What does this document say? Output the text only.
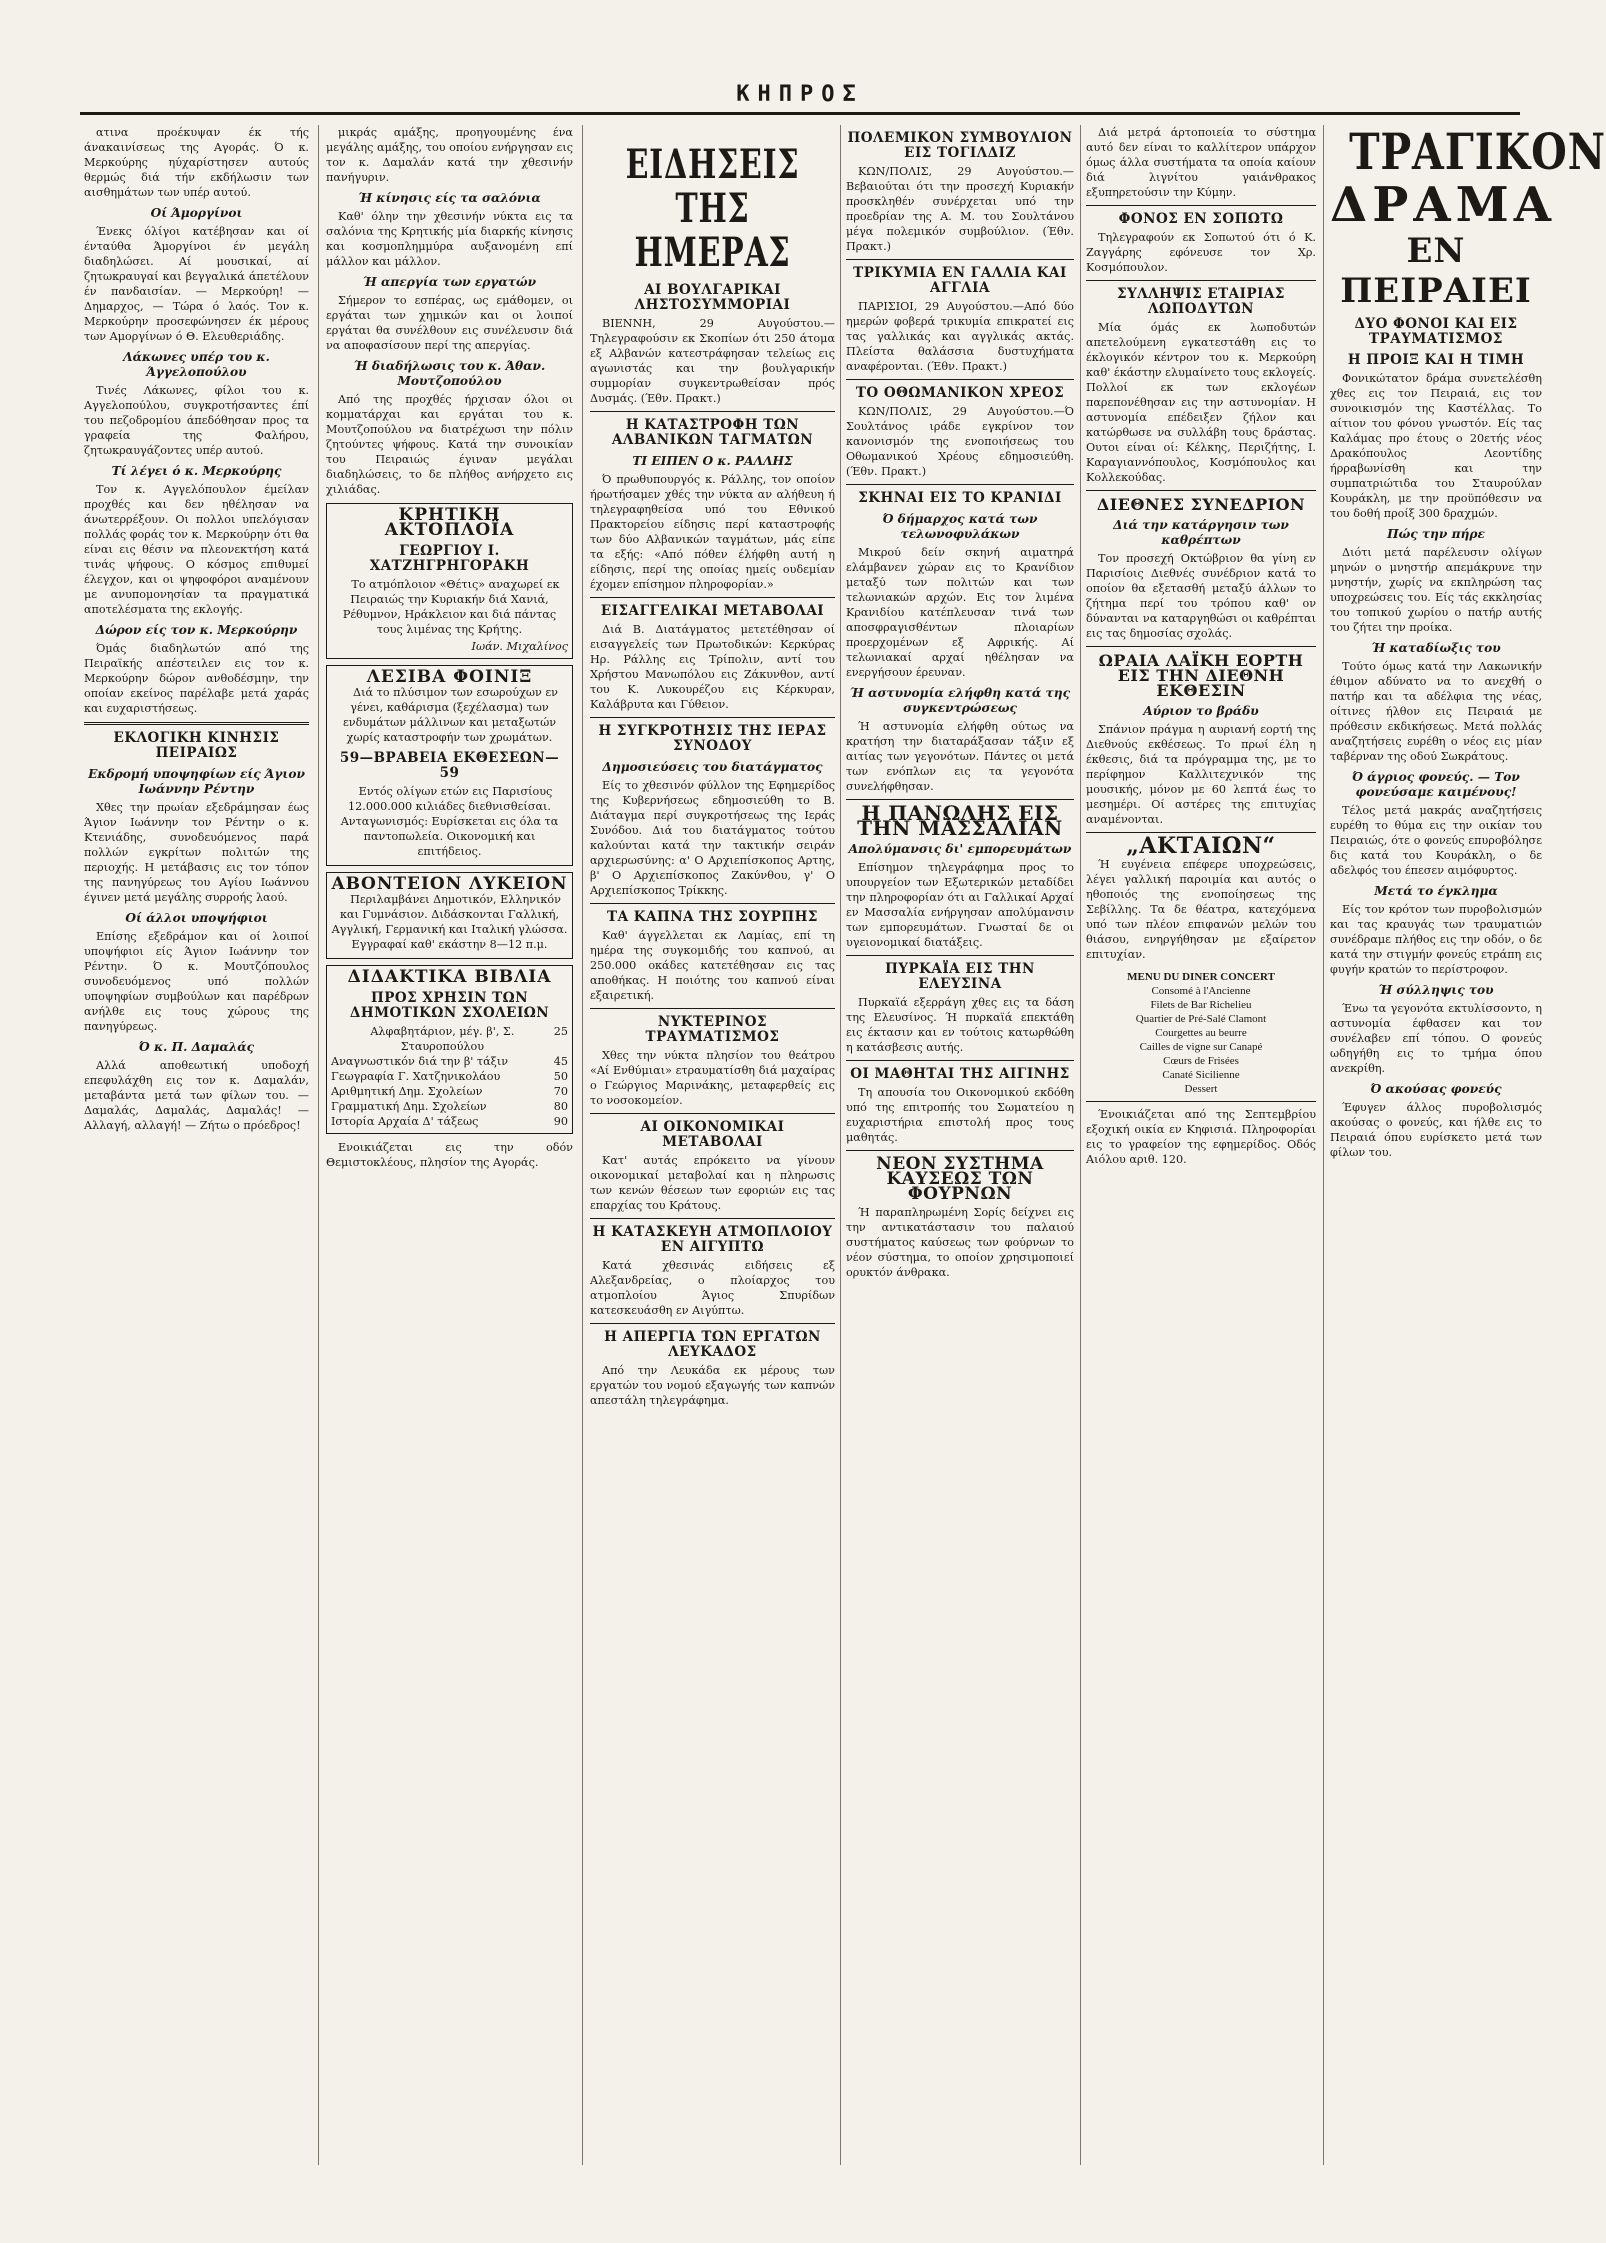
ΚΗΠΡΟΣ

ατινα προέκυψαν έκ τής άνακαινίσεως της Αγοράς. Ό κ. Μερκούρης ηύχαρίστησεν αυτούς θερμώς διά τήν εκδήλωσιν των αισθημάτων των υπέρ αυτού.

Οί Άμοργίνοι

Ένεκς όλίγοι κατέβησαν και οί ένταύθα Άμοργίνοι έν μεγάλη διαδηλώσει. Αί μουσικαί, αί ζητωκραυγαί και βεγγαλικά άπετέλουν έν πανδαισίαν. — Μερκούρη! — Δημαρχος, — Τώρα ό λαός. Τον κ. Μερκούρην προσεφώνησεν έκ μέρους των Αμοργίνων ό Θ. Ελευθεριάδης.

Λάκωνες υπέρ του κ. Άγγελοπούλου

Τινές Λάκωνες, φίλοι του κ. Αγγελοπούλου, συγκροτήσαντες έπί του πεζοδρομίου άπεδόθησαν προς τα γραφεία της Φαλήρου, ζητωκραυγάζοντες υπέρ αυτού.

Τί λέγει ό κ. Μερκούρης

Τον κ. Αγγελόπουλον έμείλαν προχθές και δεν ηθέλησαν να άνωτερρέξουν. Οι πολλοι υπελόγισαν πολλάς φοράς τον κ. Μερκούρην ότι θα είναι εις θέσιν να πλεονεκτήση κατά τινάς ψήφους. Ο κόσμος επιθυμεί έλεγχον, και οι ψηφοφόροι αναμένουν με ανυπομονησίαν τα πραγματικά αποτελέσματα της εκλογής.

Δώρον είς τον κ. Μερκούρην

Όμάς διαδηλωτών από της Πειραϊκής απέστειλεν εις τον κ. Μερκούρην δώρον ανθοδέσμην, την οποίαν εκείνος παρέλαβε μετά χαράς και ευχαριστήσεως.

ΕΚΛΟΓΙΚΗ ΚΙΝΗΣΙΣ ΠΕΙΡΑΙΩΣ
Εκδρομή υποψηφίων είς Άγιον Ιωάννην Ρέντην

Χθες την πρωίαν εξεδράμησαν έως Άγιον Ιωάννην τον Ρέντην ο κ. Κτενιάδης, συνοδευόμενος παρά πολλών εγκρίτων πολιτών της περιοχής. Η μετάβασις εις τον τόπον της πανηγύρεως του Αγίου Ιωάννου έγινεν μετά μεγάλης συρροής λαού.

Οί άλλοι υποψήφιοι

Επίσης εξεδράμον και οί λοιποί υποψήφιοι είς Άγιον Ιωάννην τον Ρέντην. Ό κ. Μουτζόπουλος συνοδευόμενος υπό πολλών υποψηφίων συμβούλων και παρέδρων ανήλθε εις τους χώρους της πανηγύρεως.

Ό κ. Π. Δαμαλάς

Αλλά αποθεωτική υποδοχή επεφυλάχθη εις τον κ. Δαμαλάν, μεταβάντα μετά των φίλων του. — Δαμαλάς, Δαμαλάς, Δαμαλάς! — Αλλαγή, αλλαγή! — Ζήτω ο πρόεδρος!

μικράς αμάξης, προηγουμένης ένα μεγάλης αμάξης, του οποίου ενήργησαν εις τον κ. Δαμαλάν κατά την χθεσινήν πανήγυριν.

Ή κίνησις είς τα σαλόνια

Καθ' όλην την χθεσινήν νύκτα εις τα σαλόνια της Κρητικής μία διαρκής κίνησις και κοσμοπλημμύρα αυξανομένη επί μάλλον και μάλλον.

Ή απεργία των εργατών

Σήμερον το εσπέρας, ως εμάθομεν, οι εργάται των χημικών και οι λοιποί εργάται θα συνέλθουν εις συνέλευσιν διά να αποφασίσουν περί της απεργίας.

Ή διαδήλωσις του κ. Άθαν. Μουτζοπούλου

Από της προχθές ήρχισαν όλοι οι κομματάρχαι και εργάται του κ. Μουτζοπούλου να διατρέχωσι την πόλιν ζητούντες ψήφους. Κατά την συνοικίαν του Πειραιώς έγιναν μεγάλαι διαδηλώσεις, το δε πλήθος ανήρχετο εις χιλιάδας.

ΚΡΗΤΙΚΗ ΑΚΤΟΠΛΟΪΑ
ΓΕΩΡΓΙΟΥ Ι. ΧΑΤΖΗΓΡΗΓΟΡΑΚΗ

Το ατμόπλοιον «Θέτις» αναχωρεί εκ Πειραιώς την Κυριακήν διά Χανιά, Ρέθυμνον, Ηράκλειον και διά πάντας τους λιμένας της Κρήτης.

Ιωάν. Μιχαλίνος
ΛΕΣΙΒΑ ΦΟΙΝΙΞ

Διά το πλύσιμον των εσωρούχων εν γένει, καθάρισμα (ξεχέλασμα) των ενδυμάτων μάλλινων και μεταξωτών χωρίς καταστροφήν των χρωμάτων.

59—ΒΡΑΒΕΙΑ ΕΚΘΕΣΕΩΝ—59

Εντός ολίγων ετών εις Παρισίους 12.000.000 κιλιάδες διεθνισθείσαι. Ανταγωνισμός: Ευρίσκεται εις όλα τα παντοπωλεία. Οικονομική και επιτήδειος.

ΑΒΟΝΤΕΙΟΝ ΛΥΚΕΙΟΝ

Περιλαμβάνει Δημοτικόν, Ελληνικόν και Γυμνάσιον. Διδάσκονται Γαλλική, Αγγλική, Γερμανική και Ιταλική γλώσσα. Εγγραφαί καθ' εκάστην 8—12 π.μ.

ΔΙΔΑΚΤΙΚΑ ΒΙΒΛΙΑ
ΠΡΟΣ ΧΡΗΣΙΝ ΤΩΝ ΔΗΜΟΤΙΚΩΝ ΣΧΟΛΕΙΩΝ
Αλφαβητάριον, μέγ. β', Σ. Σταυροπούλου
25
Αναγνωστικόν διά την β' τάξιν	45
Γεωγραφία Γ. Χατζηνικολάου	50
Αριθμητική Δημ. Σχολείων	70
Γραμματική Δημ. Σχολείων	80
Ιστορία Αρχαία Δ' τάξεως	90

Ενοικιάζεται εις την οδόν Θεμιστοκλέους, πλησίον της Αγοράς.

ΕΙΔΗΣΕΙΣ ΤΗΣ ΗΜΕΡΑΣ
ΑΙ ΒΟΥΛΓΑΡΙΚΑΙ ΛΗΣΤΟΣΥΜΜΟΡΙΑΙ

ΒΙΕΝΝΗ, 29 Αυγούστου.—Τηλεγραφούσιν εκ Σκοπίων ότι 250 άτομα εξ Αλβανών κατεστράφησαν τελείως εις αγωνιστάς και την βουλγαρικήν συμμορίαν συγκεντρωθείσαν πρός Δυσμάς. (Έθν. Πρακτ.)

Η ΚΑΤΑΣΤΡΟΦΗ ΤΩΝ ΑΛΒΑΝΙΚΩΝ ΤΑΓΜΑΤΩΝ
ΤΙ ΕΙΠΕΝ Ο κ. ΡΑΛΛΗΣ

Ό πρωθυπουργός κ. Ράλλης, τον οποίον ήρωτήσαμεν χθές την νύκτα αν αλήθευη ή τηλεγραφηθείσα υπό του Εθνικού Πρακτορείου είδησις περί καταστροφής των δύο Αλβανικών ταγμάτων, μάς είπε τα εξής: «Από πόθεν έλήφθη αυτή η είδησις, περί της οποίας ημείς ουδεμίαν έχομεν επίσημον πληροφορίαν.»

ΕΙΣΑΓΓΕΛΙΚΑΙ ΜΕΤΑΒΟΛΑΙ

Διά Β. Διατάγματος μετετέθησαν οί εισαγγελείς των Πρωτοδικών: Κερκύρας Ηρ. Ράλλης εις Τρίπολιν, αντί του Χρήστου Μανωπόλου εις Ζάκυνθον, αντί του Κ. Λυκουρέζου εις Κέρκυραν, Καλάβρυτα και Γύθειον.

Η ΣΥΓΚΡΟΤΗΣΙΣ ΤΗΣ ΙΕΡΑΣ ΣΥΝΟΔΟΥ
Δημοσιεύσεις του διατάγματος

Είς το χθεσινόν φύλλον της Εφημερίδος της Κυβερνήσεως εδημοσιεύθη το Β. Διάταγμα περί συγκροτήσεως της Ιεράς Συνόδου. Διά του διατάγματος τούτου καλούνται κατά την τακτικήν σειράν αρχιερωσύνης: α' Ο Αρχιεπίσκοπος Αρτης, β' Ο Αρχιεπίσκοπος Ζακύνθου, γ' Ο Αρχιεπίσκοπος Τρίκκης.

ΤΑ ΚΑΠΝΑ ΤΗΣ ΣΟΥΡΠΗΣ

Καθ' άγγελλεται εκ Λαμίας, επί τη ημέρα της συγκομιδής του καπνού, αι 250.000 οκάδες κατετέθησαν εις τας αποθήκας. Η ποιότης του καπνού είναι εξαιρετική.

ΝΥΚΤΕΡΙΝΟΣ ΤΡΑΥΜΑΤΙΣΜΟΣ

Χθες την νύκτα πλησίον του θεάτρου «Αί Ενθύμιαι» ετραυματίσθη διά μαχαίρας ο Γεώργιος Μαρινάκης, μεταφερθείς εις το νοσοκομείον.

ΑΙ ΟΙΚΟΝΟΜΙΚΑΙ ΜΕΤΑΒΟΛΑΙ

Κατ' αυτάς επρόκειτο να γίνουν οικονομικαί μεταβολαί και η πληρωσις των κενών θέσεων των εφοριών εις τας επαρχίας του Κράτους.

Η ΚΑΤΑΣΚΕΥΗ ΑΤΜΟΠΛΟΙΟΥ ΕΝ ΑΙΓΥΠΤΩ

Κατά χθεσινάς ειδήσεις εξ Αλεξανδρείας, ο πλοίαρχος του ατμοπλοίου Άγιος Σπυρίδων κατεσκευάσθη εν Αιγύπτω.

Η ΑΠΕΡΓΙΑ ΤΩΝ ΕΡΓΑΤΩΝ ΛΕΥΚΑΔΟΣ

Από την Λευκάδα εκ μέρους των εργατών του νομού εξαγωγής των καπνών απεστάλη τηλεγράφημα.

ΠΟΛΕΜΙΚΟΝ ΣΥΜΒΟΥΛΙΟΝ ΕΙΣ ΤΟΓΙΛΔΙΖ

ΚΩΝ/ΠΟΛΙΣ, 29 Αυγούστου.—Βεβαιούται ότι την προσεχή Κυριακήν προσκληθέν συνέρχεται υπό την προεδρίαν της Α. Μ. του Σουλτάνου μέγα πολεμικόν συμβούλιον. (Έθν. Πρακτ.)

ΤΡΙΚΥΜΙΑ ΕΝ ΓΑΛΛΙΑ ΚΑΙ ΑΓΓΛΙΑ

ΠΑΡΙΣΙΟΙ, 29 Αυγούστου.—Από δύο ημερών φοβερά τρικυμία επικρατεί εις τας γαλλικάς και αγγλικάς ακτάς. Πλείστα θαλάσσια δυστυχήματα αναφέρονται. (Έθν. Πρακτ.)

ΤΟ ΟΘΩΜΑΝΙΚΟΝ ΧΡΕΟΣ

ΚΩΝ/ΠΟΛΙΣ, 29 Αυγούστου.—Ό Σουλτάνος ιράδε εγκρίνον τον κανονισμόν της ενοποιήσεως του Οθωμανικού Χρέους εδημοσιεύθη. (Έθν. Πρακτ.)

ΣΚΗΝΑΙ ΕΙΣ ΤΟ ΚΡΑΝΙΔΙ
Ό δήμαρχος κατά των τελωνοφυλάκων

Μικρού δείν σκηνή αιματηρά ελάμβανεν χώραν εις το Κρανίδιον μεταξύ των πολιτών και των τελωνιακών αρχών. Εις τον λιμένα Κρανιδίου κατέπλευσαν τινά των αποσφραγισθέντων πλοιαρίων προερχομένων εξ Αφρικής. Αί τελωνιακαί αρχαί ηθέλησαν να ενεργήσουν έρευναν.

Ή αστυνομία ελήφθη κατά της συγκεντρώσεως

Ή αστυνομία ελήφθη ούτως να κρατήση την διαταράξασαν τάξιν εξ αιτίας των γεγονότων. Πάντες οι μετά των ενόπλων εις τα γεγονότα συνελήφθησαν.

Η ΠΑΝΩΛΗΣ ΕΙΣ ΤΗΝ ΜΑΣΣΑΛΙΑΝ
Απολύμανσις δι' εμπορευμάτων

Επίσημον τηλεγράφημα προς το υπουργείον των Εξωτερικών μεταδίδει την πληροφορίαν ότι αι Γαλλικαί Αρχαί εν Μασσαλία ενήργησαν απολύμανσιν των εμπορευμάτων. Γνωσταί δε οι υγειονομικαί διατάξεις.

ΠΥΡΚΑΪΑ ΕΙΣ ΤΗΝ ΕΛΕΥΣΙΝΑ

Πυρκαϊά εξερράγη χθες εις τα δάση της Ελευσίνος. Ή πυρκαϊά επεκτάθη εις έκτασιν και εν τούτοις κατωρθώθη η κατάσβεσις αυτής.

ΟΙ ΜΑΘΗΤΑΙ ΤΗΣ ΑΙΓΙΝΗΣ

Τη απουσία του Οικονομικού εκδόθη υπό της επιτροπής του Σωματείου η ευχαριστήρια επιστολή προς τους μαθητάς.

ΝΕΟΝ ΣΥΣΤΗΜΑ ΚΑΥΣΕΩΣ ΤΩΝ ΦΟΥΡΝΩΝ

Ή παραπληρωμένη Σορίς δείχνει εις την αντικατάστασιν του παλαιού συστήματος καύσεως των φούρνων το νέον σύστημα, το οποίον χρησιμοποιεί ορυκτόν άνθρακα.

Διά μετρά άρτοποιεία το σύστημα αυτό δεν είναι το καλλίτερον υπάρχον όμως άλλα συστήματα τα οποία καίουν διά λιγνίτου γαιάνθρακος εξυπηρετούσιν την Κύμην.

ΦΟΝΟΣ ΕΝ ΣΟΠΩΤΩ

Τηλεγραφούν εκ Σοπωτού ότι ό Κ. Ζαγγάρης εφόνευσε τον Χρ. Κοσμόπουλον.

ΣΥΛΛΗΨΙΣ ΕΤΑΙΡΙΑΣ ΛΩΠΟΔΥΤΩΝ

Μία όμάς εκ λωποδυτών απετελούμενη εγκατεστάθη εις το έκλογικόν κέντρον του κ. Μερκούρη καθ' έκάστην ελυμαίνετο τους εκλογείς. Πολλοί εκ των εκλογέων παρεπονέθησαν εις την αστυνομίαν. Η αστυνομία επέδειξεν ζήλον και κατώρθωσε να συλλάβη τους δράστας. Ουτοι είναι οί: Κέλκης, Περιζήτης, Ι. Καραγιαννόπουλος, Κοσμόπουλος και Κολλεκούδας.

ΔΙΕΘΝΕΣ ΣΥΝΕΔΡΙΟΝ
Διά την κατάργησιν των καθρέπτων

Τον προσεχή Οκτώβριον θα γίνη εν Παρισίοις Διεθνές συνέδριον κατά το οποίον θα εξετασθή μεταξύ άλλων το ζήτημα περί του τρόπου καθ' ον δύνανται να καταργηθώσι οι καθρέπται εις τας δημοσίας σχολάς.

ΩΡΑΙΑ ΛΑΪΚΗ ΕΟΡΤΗ ΕΙΣ ΤΗΝ ΔΙΕΘΝΗ ΕΚΘΕΣΙΝ
Αύριον το βράδυ

Σπάνιον πράγμα η αυριανή εορτή της Διεθνούς εκθέσεως. Το πρωί έλη η έκθεσις, διά τα πρόγραμμα της, με το περίφημον Καλλιτεχνικόν της μουσικής, μόνον με 60 λεπτά έως το μεσημέρι. Οί αστέρες της επιτυχίας αναμένονται.

„ΑΚΤΑΙΩΝ“

Ή ευγένεια επέφερε υποχρεώσεις, λέγει γαλλική παροιμία και αυτός ο ηθοποιός της ενοποίησεως της Σεβίλλης. Τα δε θέατρα, κατεχόμενα υπό των πλέον επιφανών μελών του θιάσου, ενηργήθησαν με εξαίρετον επιτυχίαν.

MENU DU DINER CONCERT
Consomé à l'Ancienne
Filets de Bar Richelieu
Quartier de Pré-Salé Clamont
Courgettes au beurre
Cailles de vigne sur Canapé
Cœurs de Frisées
Canaté Sicilienne
Dessert

Ένοικιάζεται από της Σεπτεμβρίου εξοχική οικία εν Κηφισιά. Πληροφορίαι εις το γραφείον της εφημερίδος. Οδός Αιόλου αριθ. 120.

ΤΡΑΓΙΚΟΝ
ΔΡΑΜΑ
ΕΝ ΠΕΙΡΑΙΕΙ
ΔΥΟ ΦΟΝΟΙ ΚΑΙ ΕΙΣ ΤΡΑΥΜΑΤΙΣΜΟΣ
Η ΠΡΟΙΞ ΚΑΙ Η ΤΙΜΗ

Φονικώτατον δράμα συνετελέσθη χθες εις τον Πειραιά, εις τον συνοικισμόν της Καστέλλας. Το αίτιον του φόνου γνωστόν. Είς τας Καλάμας προ έτους ο 20ετής νέος Δρακόπουλος Λεοντίδης ήρραβωνίσθη και την συμπατριώτιδα του Σταυρούλαν Κουράκλη, με την προϋπόθεσιν να του δοθή προίξ 300 δραχμών.

Πώς την πήρε

Διότι μετά παρέλευσιν ολίγων μηνών ο μνηστήρ απεμάκρυνε την μνηστήν, χωρίς να εκπληρώση τας υποχρεώσεις του. Είς τάς εκκλησίας του τοπικού χωρίου ο πατήρ αυτής του ζήτει την προίκα.

Ή καταδίωξις του

Τούτο όμως κατά την Λακωνικήν έθιμον αδύνατο να το ανεχθή ο πατήρ και τα αδέλφια της νέας, οίτινες ήλθον εις Πειραιά με πρόθεσιν εκδικήσεως. Μετά πολλάς αναζητήσεις ευρέθη ο νέος εις μίαν ταβέρναν της οδού Σωκράτους.

Ό άγριος φονεύς. — Τον φονεύσαμε καιμένους!

Τέλος μετά μακράς αναζητήσεις ευρέθη το θύμα εις την οικίαν του Πειραιώς, ότε ο φονεύς επυροβόλησε δις κατά του Κουράκλη, ο δε αδελφός του έπεσεν αιμόφυρτος.

Μετά το έγκλημα

Είς τον κρότον των πυροβολισμών και τας κραυγάς των τραυματιών συνέδραμε πλήθος εις την οδόν, ο δε κατά την στιγμήν φονεύς ετράπη εις φυγήν κρατών το περίστροφον.

Ή σύλληψις του

Ένω τα γεγονότα εκτυλίσσοντο, η αστυνομία έφθασεν και τον συνέλαβεν επί τόπου. Ο φονεύς ωδηγήθη εις το τμήμα όπου ανεκρίθη.

Ό ακούσας φονεύς

Έφυγεν άλλος πυροβολισμός ακούσας ο φονεύς, και ήλθε εις το Πειραιά όπου ευρίσκετο μετά των φίλων του.
